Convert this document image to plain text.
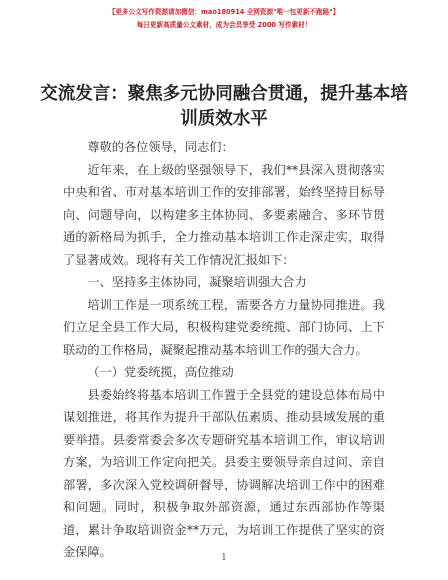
【更多公文写作资源请加微信：mao180914 全网资源"唯一包更新不跑路"】
每日更新高质量公文素材，成为会员享受 2000 写作素材！
交流发言：聚焦多元协同融合贯通，提升基本培训质效水平

尊敬的各位领导，同志们：

近年来，在上级的坚强领导下，我们**县深入贯彻落实中央和省、市对基本培训工作的安排部署，始终坚持目标导向、问题导向，以构建多主体协同、多要素融合、多环节贯通的新格局为抓手，全力推动基本培训工作走深走实，取得了显著成效。现将有关工作情况汇报如下：

一、坚持多主体协同，凝聚培训强大合力

培训工作是一项系统工程，需要各方力量协同推进。我们立足全县工作大局，积极构建党委统揽、部门协同、上下联动的工作格局，凝聚起推动基本培训工作的强大合力。

（一）党委统揽，高位推动

县委始终将基本培训工作置于全县党的建设总体布局中谋划推进，将其作为提升干部队伍素质、推动县域发展的重要举措。县委常委会多次专题研究基本培训工作，审议培训方案，为培训工作定向把关。县委主要领导亲自过问、亲自部署，多次深入党校调研督导，协调解决培训工作中的困难和问题。同时，积极争取外部资源，通过东西部协作等渠道，累计争取培训资金**万元，为培训工作提供了坚实的资金保障。	1
